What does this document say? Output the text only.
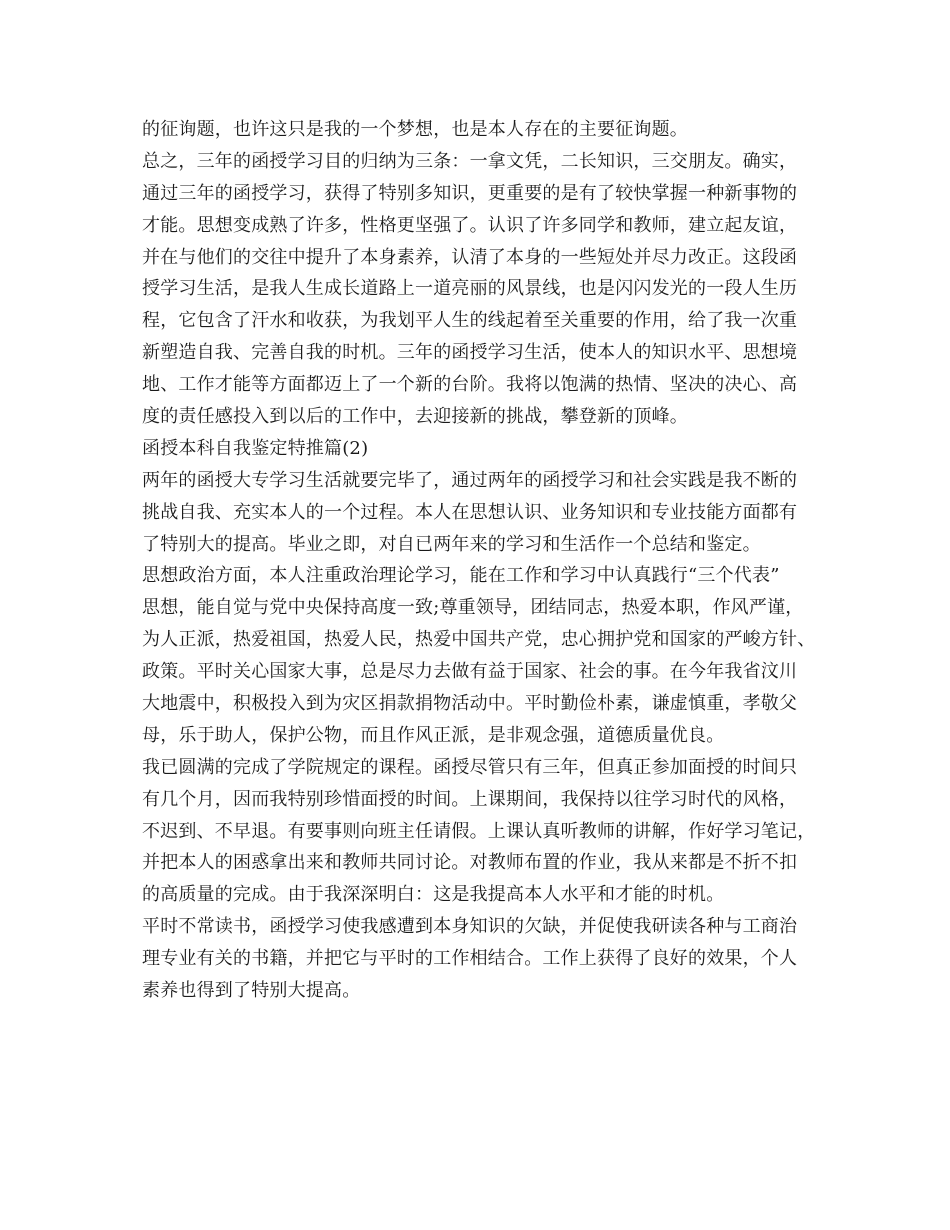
的征询题，也许这只是我的一个梦想，也是本人存在的主要征询题。
总之，三年的函授学习目的归纳为三条：一拿文凭，二长知识，三交朋友。确实，
通过三年的函授学习，获得了特别多知识，更重要的是有了较快掌握一种新事物的
才能。思想变成熟了许多，性格更坚强了。认识了许多同学和教师，建立起友谊，
并在与他们的交往中提升了本身素养，认清了本身的一些短处并尽力改正。这段函
授学习生活，是我人生成长道路上一道亮丽的风景线，也是闪闪发光的一段人生历
程，它包含了汗水和收获，为我划平人生的线起着至关重要的作用，给了我一次重
新塑造自我、完善自我的时机。三年的函授学习生活，使本人的知识水平、思想境
地、工作才能等方面都迈上了一个新的台阶。我将以饱满的热情、坚决的决心、高
度的责任感投入到以后的工作中，去迎接新的挑战，攀登新的顶峰。
函授本科自我鉴定特推篇(2)
两年的函授大专学习生活就要完毕了，通过两年的函授学习和社会实践是我不断的
挑战自我、充实本人的一个过程。本人在思想认识、业务知识和专业技能方面都有
了特别大的提高。毕业之即，对自已两年来的学习和生活作一个总结和鉴定。
思想政治方面，本人注重政治理论学习，能在工作和学习中认真践行“三个代表”
思想，能自觉与党中央保持高度一致;尊重领导，团结同志，热爱本职，作风严谨，
为人正派，热爱祖国，热爱人民，热爱中国共产党，忠心拥护党和国家的严峻方针、
政策。平时关心国家大事，总是尽力去做有益于国家、社会的事。在今年我省汶川
大地震中，积极投入到为灾区捐款捐物活动中。平时勤俭朴素，谦虚慎重，孝敬父
母，乐于助人，保护公物，而且作风正派，是非观念强，道德质量优良。
我已圆满的完成了学院规定的课程。函授尽管只有三年，但真正参加面授的时间只
有几个月，因而我特别珍惜面授的时间。上课期间，我保持以往学习时代的风格，
不迟到、不早退。有要事则向班主任请假。上课认真听教师的讲解，作好学习笔记，
并把本人的困惑拿出来和教师共同讨论。对教师布置的作业，我从来都是不折不扣
的高质量的完成。由于我深深明白：这是我提高本人水平和才能的时机。
平时不常读书，函授学习使我感遭到本身知识的欠缺，并促使我研读各种与工商治
理专业有关的书籍，并把它与平时的工作相结合。工作上获得了良好的效果，个人
素养也得到了特别大提高。
